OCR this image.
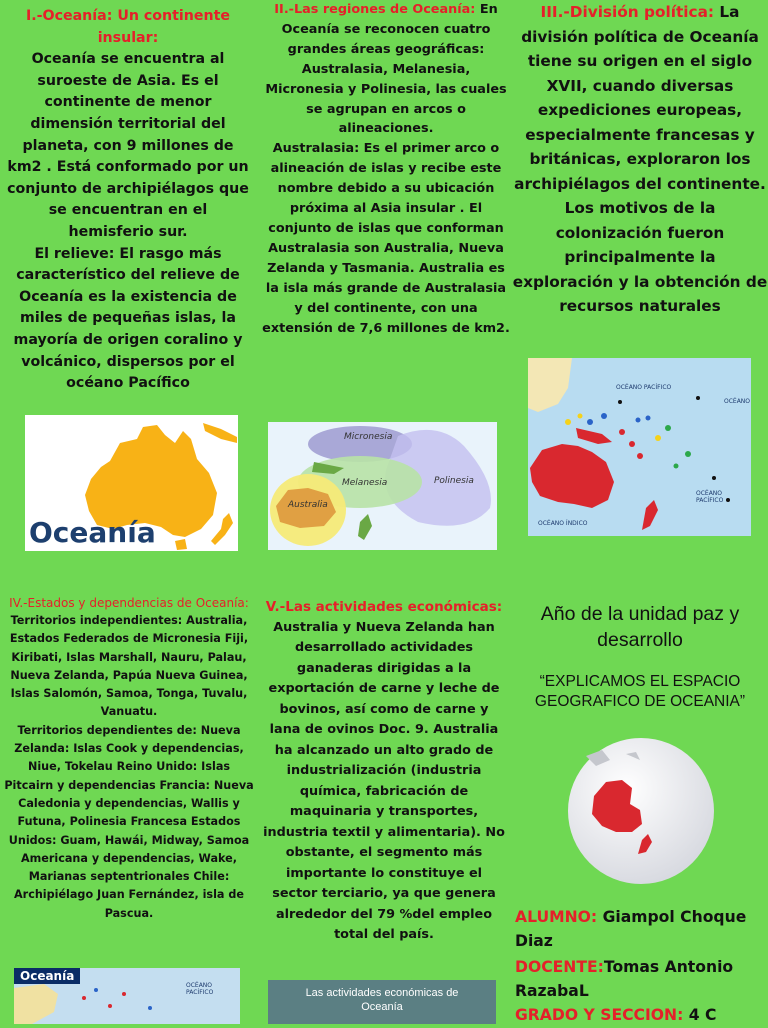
I.-Oceanía: Un continente insular:
Oceanía se encuentra al suroeste de Asia. Es el continente de menor dimensión territorial del planeta, con 9 millones de km2 . Está conformado por un conjunto de archipiélagos que se encuentran en el hemisferio sur.
El relieve: El rasgo más característico del relieve de Oceanía es la existencia de miles de pequeñas islas, la mayoría de origen coralino y volcánico, dispersos por el océano Pacífico
Oceanía
II.-Las regiones de Oceanía: En Oceanía se reconocen cuatro grandes áreas geográficas: Australasia, Melanesia, Micronesia y Polinesia, las cuales se agrupan en arcos o alineaciones.
Australasia: Es el primer arco o alineación de islas y recibe este nombre debido a su ubicación próxima al Asia insular . El conjunto de islas que conforman Australasia son Australia, Nueva Zelanda y Tasmania. Australia es la isla más grande de Australasia y del continente, con una extensión de 7,6 millones de km2.
Micronesia
Melanesia
Australia
Polinesia
III.-División política: La división política de Oceanía tiene su origen en el siglo XVII, cuando diversas expediciones europeas, especialmente francesas y británicas, exploraron los archipiélagos del continente. Los motivos de la colonización fueron principalmente la exploración y la obtención de recursos naturales
OCÉANO PACÍFICO
OCÉANO PACÍFICO
OCÉANO ÍNDICO
OCÉANO
IV.-Estados y dependencias de Oceanía:
Territorios independientes: Australia, Estados Federados de Micronesia Fiji, Kiribati, Islas Marshall, Nauru, Palau, Nueva Zelanda, Papúa Nueva Guinea, Islas Salomón, Samoa, Tonga, Tuvalu, Vanuatu.
Territorios dependientes de: Nueva Zelanda: Islas Cook y dependencias, Niue, Tokelau Reino Unido: Islas Pitcairn y dependencias Francia: Nueva Caledonia y dependencias, Wallis y Futuna, Polinesia Francesa Estados Unidos: Guam, Hawái, Midway, Samoa Americana y dependencias, Wake, Marianas septentrionales Chile: Archipiélago Juan Fernández, isla de Pascua.
Oceanía
OCÉANO PACÍFICO
V.-Las actividades económicas:
Australia y Nueva Zelanda han desarrollado actividades ganaderas dirigidas a la exportación de carne y leche de bovinos, así como de carne y lana de ovinos Doc. 9. Australia ha alcanzado un alto grado de industrialización (industria química, fabricación de maquinaria y transportes, industria textil y alimentaria). No obstante, el segmento más importante lo constituye el sector terciario, ya que genera alrededor del 79 %del empleo total del país.
Las actividades económicas de Oceanía
Año de la unidad paz y desarrollo
“EXPLICAMOS EL ESPACIO GEOGRAFICO DE OCEANIA”
ALUMNO: Giampol Choque Diaz
DOCENTE:Tomas Antonio RazabaL
GRADO Y SECCION: 4 C
